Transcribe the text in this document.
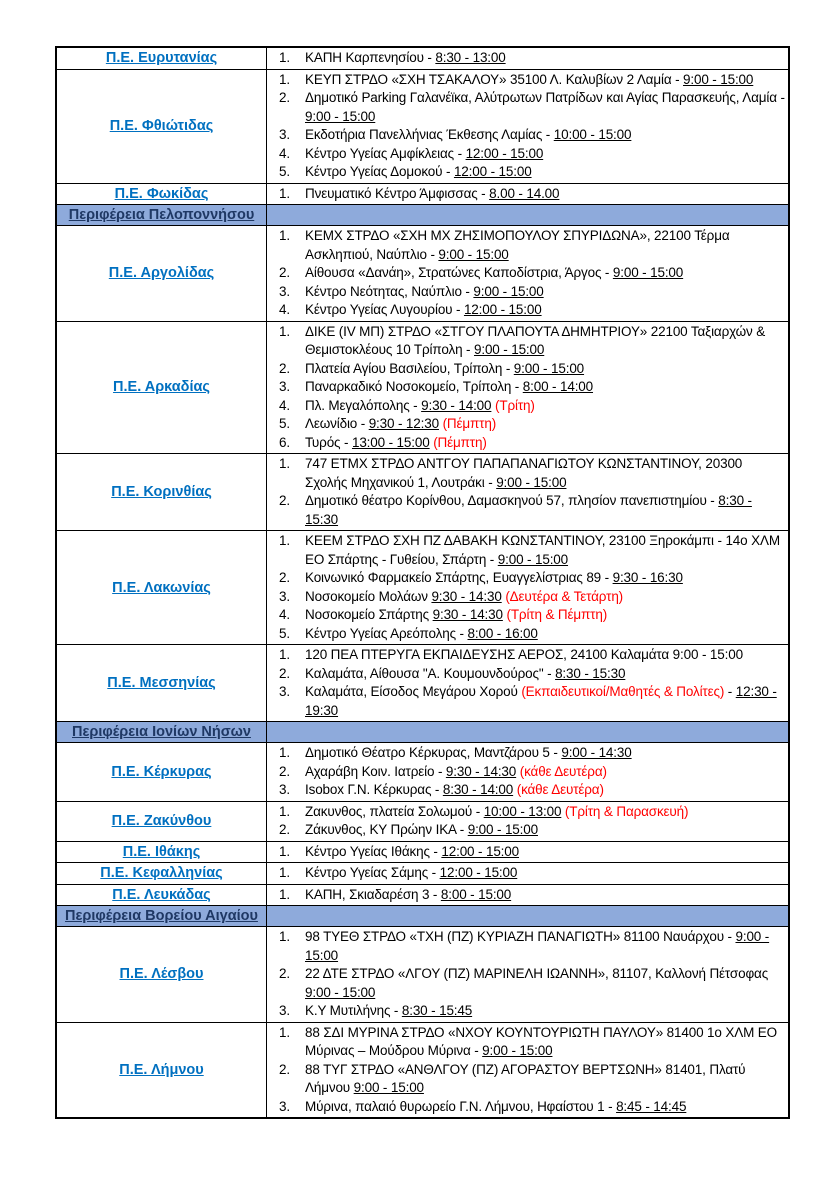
Π.Ε. Ευρυτανίας	1.	ΚΑΠΗ Καρπενησίου - 8:30 - 13:00
Π.Ε. Φθιώτιδας
1.	ΚΕΥΠ ΣΤΡΔΟ «ΣΧΗ ΤΣΑΚΑΛΟΥ» 35100 Λ. Καλυβίων 2 Λαμία - 9:00 - 15:00
2.	Δημοτικό Parking Γαλανέϊκα, Αλύτρωτων Πατρίδων και Αγίας Παρασκευής, Λαμία - 9:00 - 15:00
3.	Εκδοτήρια Πανελλήνιας Έκθεσης Λαμίας - 10:00 - 15:00
4.	Κέντρο Υγείας Αμφίκλειας - 12:00 - 15:00
5.	Κέντρο Υγείας Δομοκού - 12:00 - 15:00
Π.Ε. Φωκίδας	1.	Πνευματικό Κέντρο Άμφισσας - 8.00 - 14.00
Περιφέρεια Πελοποννήσου
Π.Ε. Αργολίδας
1.	ΚΕΜΧ ΣΤΡΔΟ «ΣΧΗ ΜΧ ΖΗΣΙΜΟΠΟΥΛΟΥ ΣΠΥΡΙΔΩΝΑ», 22100 Τέρμα Ασκληπιού, Ναύπλιο - 9:00 - 15:00
2.	Αίθουσα «Δανάη», Στρατώνες Καποδίστρια, Άργος - 9:00 - 15:00
3.	Κέντρο Νεότητας, Ναύπλιο - 9:00 - 15:00
4.	Κέντρο Υγείας Λυγουρίου - 12:00 - 15:00
Π.Ε. Αρκαδίας
1.	ΔΙΚΕ (IV ΜΠ) ΣΤΡΔΟ «ΣΤΓΟΥ ΠΛΑΠΟΥΤΑ ΔΗΜΗΤΡΙΟΥ» 22100 Ταξιαρχών & Θεμιστοκλέους 10 Τρίπολη - 9:00 - 15:00
2.	Πλατεία Αγίου Βασιλείου, Τρίπολη - 9:00 - 15:00
3.	Παναρκαδικό Νοσοκομείο, Τρίπολη - 8:00 - 14:00
4.	Πλ. Μεγαλόπολης - 9:30 - 14:00 (Τρίτη)
5.	Λεωνίδιο - 9:30 - 12:30 (Πέμπτη)
6.	Τυρός - 13:00 - 15:00 (Πέμπτη)
Π.Ε. Κορινθίας
1.	747 ΕΤΜΧ ΣΤΡΔΟ ΑΝΤΓΟΥ ΠΑΠΑΠΑΝΑΓΙΩΤΟΥ ΚΩΝΣΤΑΝΤΙΝΟΥ, 20300 Σχολής Μηχανικού 1, Λουτράκι - 9:00 - 15:00
2.	Δημοτικό θέατρο Κορίνθου, Δαμασκηνού 57, πλησίον πανεπιστημίου - 8:30 - 15:30
Π.Ε. Λακωνίας
1.	ΚΕΕΜ ΣΤΡΔΟ ΣΧΗ ΠΖ ΔΑΒΑΚΗ ΚΩΝΣΤΑΝΤΙΝΟΥ, 23100 Ξηροκάμπι - 14ο ΧΛΜ ΕΟ Σπάρτης - Γυθείου, Σπάρτη - 9:00 - 15:00
2.	Κοινωνικό Φαρμακείο Σπάρτης, Ευαγγελίστριας 89 - 9:30 - 16:30
3.	Νοσοκομείο Μολάων 9:30 - 14:30 (Δευτέρα & Τετάρτη)
4.	Νοσοκομείο Σπάρτης 9:30 - 14:30 (Τρίτη & Πέμπτη)
5.	Κέντρο Υγείας Αρεόπολης - 8:00 - 16:00
Π.Ε. Μεσσηνίας
1.	120 ΠΕΑ ΠΤΕΡΥΓΑ ΕΚΠΑΙΔΕΥΣΗΣ ΑΕΡΟΣ, 24100 Καλαμάτα 9:00 - 15:00
2.	Καλαμάτα, Αίθουσα "Α. Κουμουνδούρος" - 8:30 - 15:30
3.	Καλαμάτα, Είσοδος Μεγάρου Χορού (Εκπαιδευτικοί/Μαθητές & Πολίτες) - 12:30 - 19:30
Περιφέρεια Ιονίων Νήσων
Π.Ε. Κέρκυρας
1.	Δημοτικό Θέατρο Κέρκυρας, Μαντζάρου 5 - 9:00 - 14:30
2.	Αχαράβη Κοιν. Ιατρείο - 9:30 - 14:30 (κάθε Δευτέρα)
3.	Isobox Γ.Ν. Κέρκυρας - 8:30 - 14:00 (κάθε Δευτέρα)
Π.Ε. Ζακύνθου
1.	Ζακυνθος, πλατεία Σολωμού - 10:00 - 13:00 (Τρίτη & Παρασκευή)
2.	Ζάκυνθος, ΚΥ Πρώην ΙΚΑ - 9:00 - 15:00
Π.Ε. Ιθάκης	1.	Κέντρο Υγείας Ιθάκης - 12:00 - 15:00
Π.Ε. Κεφαλληνίας	1.	Κέντρο Υγείας Σάμης - 12:00 - 15:00
Π.Ε. Λευκάδας	1.	ΚΑΠΗ, Σκιαδαρέση 3 - 8:00 - 15:00
Περιφέρεια Βορείου Αιγαίου
Π.Ε. Λέσβου
1.	98 ΤΥΕΘ ΣΤΡΔΟ «ΤΧΗ (ΠΖ) ΚΥΡΙΑΖΗ ΠΑΝΑΓΙΩΤΗ» 81100 Ναυάρχου - 9:00 - 15:00
2.	22 ΔΤΕ ΣΤΡΔΟ «ΛΓΟΥ (ΠΖ) ΜΑΡΙΝΕΛΗ ΙΩΑΝΝΗ», 81107, Καλλονή Πέτσοφας 9:00 - 15:00
3.	Κ.Υ Μυτιλήνης - 8:30 - 15:45
Π.Ε. Λήμνου
1.	88 ΣΔΙ ΜΥΡΙΝΑ ΣΤΡΔΟ «ΝΧΟΥ ΚΟΥΝΤΟΥΡΙΩΤΗ ΠΑΥΛΟΥ» 81400 1ο ΧΛΜ ΕΟ Μύρινας – Μούδρου Μύρινα - 9:00 - 15:00
2.	88 ΤΥΓ ΣΤΡΔΟ «ΑΝΘΛΓΟΥ (ΠΖ) ΑΓΟΡΑΣΤΟΥ ΒΕΡΤΣΩΝΗ» 81401, Πλατύ Λήμνου 9:00 - 15:00
3.	Μύρινα, παλαιό θυρωρείο Γ.Ν. Λήμνου, Ηφαίστου 1 - 8:45 - 14:45
